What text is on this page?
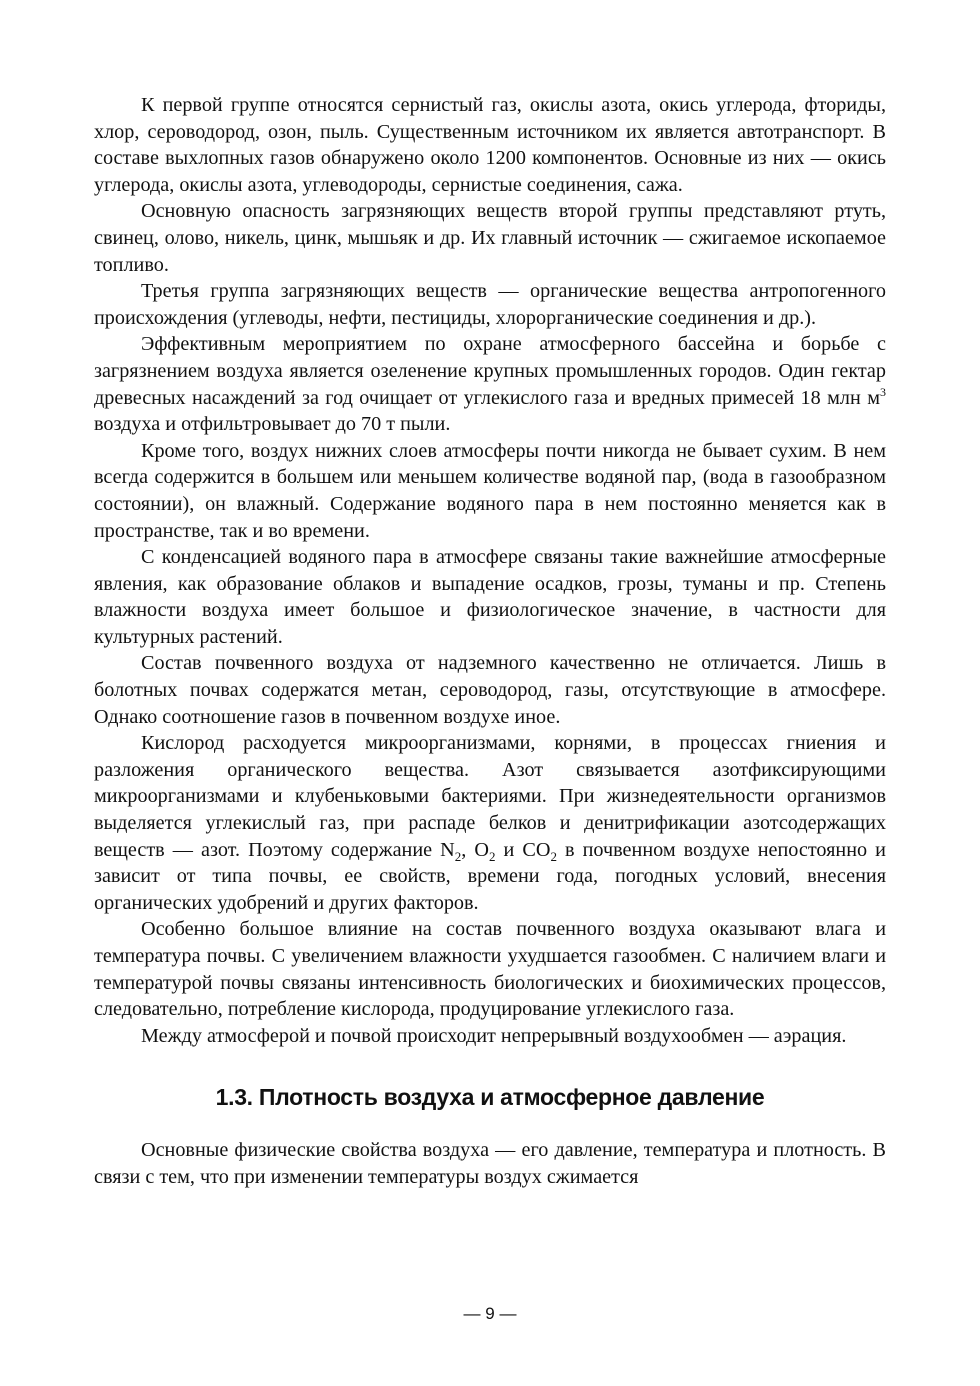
К первой группе относятся сернистый газ, окислы азота, окись углерода, фториды, хлор, сероводород, озон, пыль. Существенным источником их является автотранспорт. В составе выхлопных газов обнаружено около 1200 компонентов. Основные из них — окись углерода, окислы азота, углеводороды, сернистые соединения, сажа.

Основную опасность загрязняющих веществ второй группы представляют ртуть, свинец, олово, никель, цинк, мышьяк и др. Их главный источник — сжигаемое ископаемое топливо.

Третья группа загрязняющих веществ — органические вещества антропогенного происхождения (углеводы, нефти, пестициды, хлорорганические соединения и др.).

Эффективным мероприятием по охране атмосферного бассейна и борьбе с загрязнением воздуха является озеленение крупных промышленных городов. Один гектар древесных насаждений за год очищает от углекислого газа и вредных примесей 18 млн $м^3$ воздуха и отфильтровывает до 70 т пыли.

Кроме того, воздух нижних слоев атмосферы почти никогда не бывает сухим. В нем всегда содержится в большем или меньшем количестве водяной пар, (вода в газообразном состоянии), он влажный. Содержание водяного пара в нем постоянно меняется как в пространстве, так и во времени.

С конденсацией водяного пара в атмосфере связаны такие важнейшие атмосферные явления, как образование облаков и выпадение осадков, грозы, туманы и пр. Степень влажности воздуха имеет большое и физиологическое значение, в частности для культурных растений.

Состав почвенного воздуха от надземного качественно не отличается. Лишь в болотных почвах содержатся метан, сероводород, газы, отсутствующие в атмосфере. Однако соотношение газов в почвенном воздухе иное.

Кислород расходуется микроорганизмами, корнями, в процессах гниения и разложения органического вещества. Азот связывается азотфиксирующими микроорганизмами и клубеньковыми бактериями. При жизнедеятельности организмов выделяется углекислый газ, при распаде белков и денитрификации азотсодержащих веществ — азот. Поэтому содержание $N_2$, $O_2$ и $CO_2$ в почвенном воздухе непостоянно и зависит от типа почвы, ее свойств, времени года, погодных условий, внесения органических удобрений и других факторов.

Особенно большое влияние на состав почвенного воздуха оказывают влага и температура почвы. С увеличением влажности ухудшается газообмен. С наличием влаги и температурой почвы связаны интенсивность биологических и биохимических процессов, следовательно, потребление кислорода, продуцирование углекислого газа.

Между атмосферой и почвой происходит непрерывный воздухообмен — аэрация.

1.3. Плотность воздуха и атмосферное давление

Основные физические свойства воздуха — его давление, температура и плотность. В связи с тем, что при изменении температуры воздух сжимается

— 9 —
